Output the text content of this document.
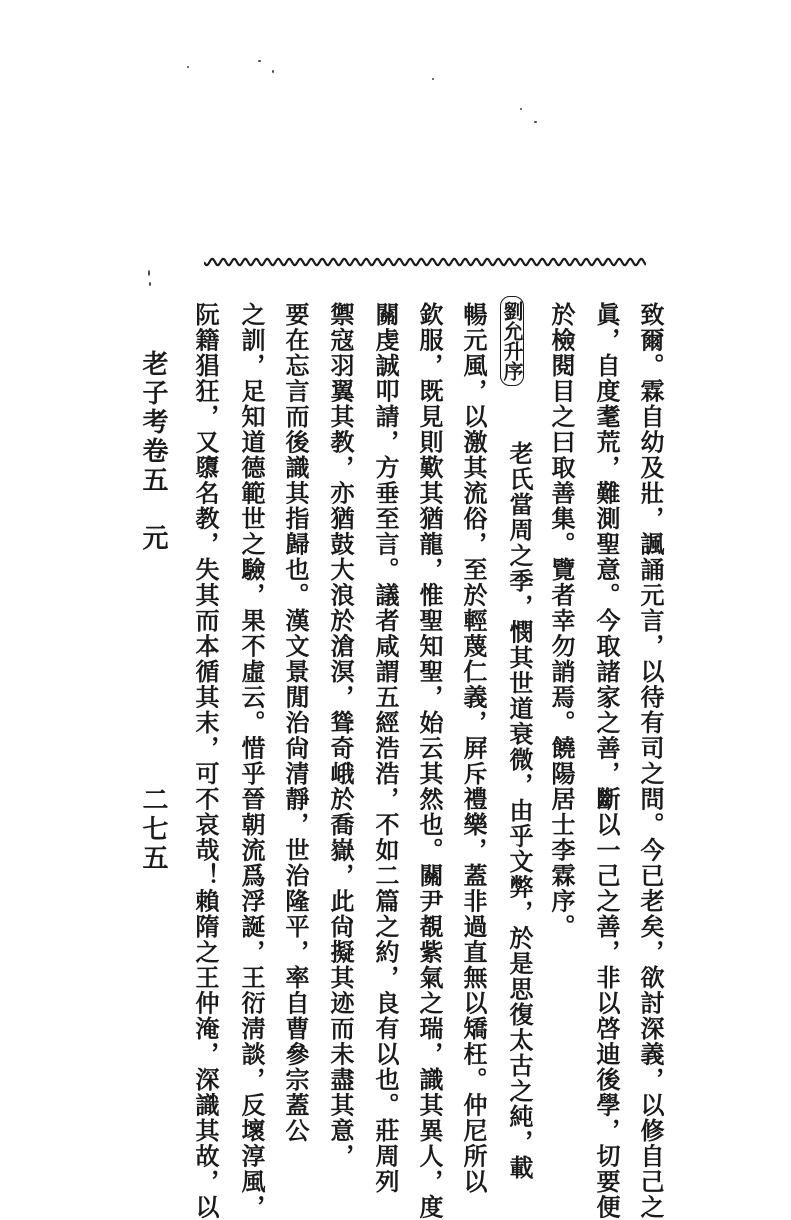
致爾。霖自幼及壯，諷誦元言，以待有司之問。今已老矣，欲討深義，以修自己之
眞，自度耄荒，難測聖意。今取諸家之善，斷以一己之善，非以啓迪後學，切要便
於檢閱目之曰取善集。覽者幸勿誚焉。饒陽居士李霖序。
劉允升序
老氏當周之季，憫其世道衰微，由乎文弊，於是思復太古之純，載
暢元風，以激其流俗，至於輕蔑仁義，屛斥禮樂，蓋非過直無以矯枉。仲尼所以
欽服，既見則歎其猶龍，惟聖知聖，始云其然也。關尹覩紫氣之瑞，識其異人，度
關虔誠叩請，方垂至言。議者咸謂五經浩浩，不如二篇之約，良有以也。莊周列
禦寇羽翼其教，亦猶鼓大浪於滄溟，聳奇峨於喬嶽，此尙擬其迹而未盡其意，
要在忘言而後識其指歸也。漢文景閒治尙清靜，世治隆平，率自曹參宗蓋公
之訓，足知道德範世之驗，果不虛云。惜乎晉朝流爲浮誕，王衍淸談，反壞淳風，
阮籍猖狂，又隳名教，失其而本循其末，可不哀哉！賴隋之王仲淹，深識其故，以
老子考卷五　元
二七五
